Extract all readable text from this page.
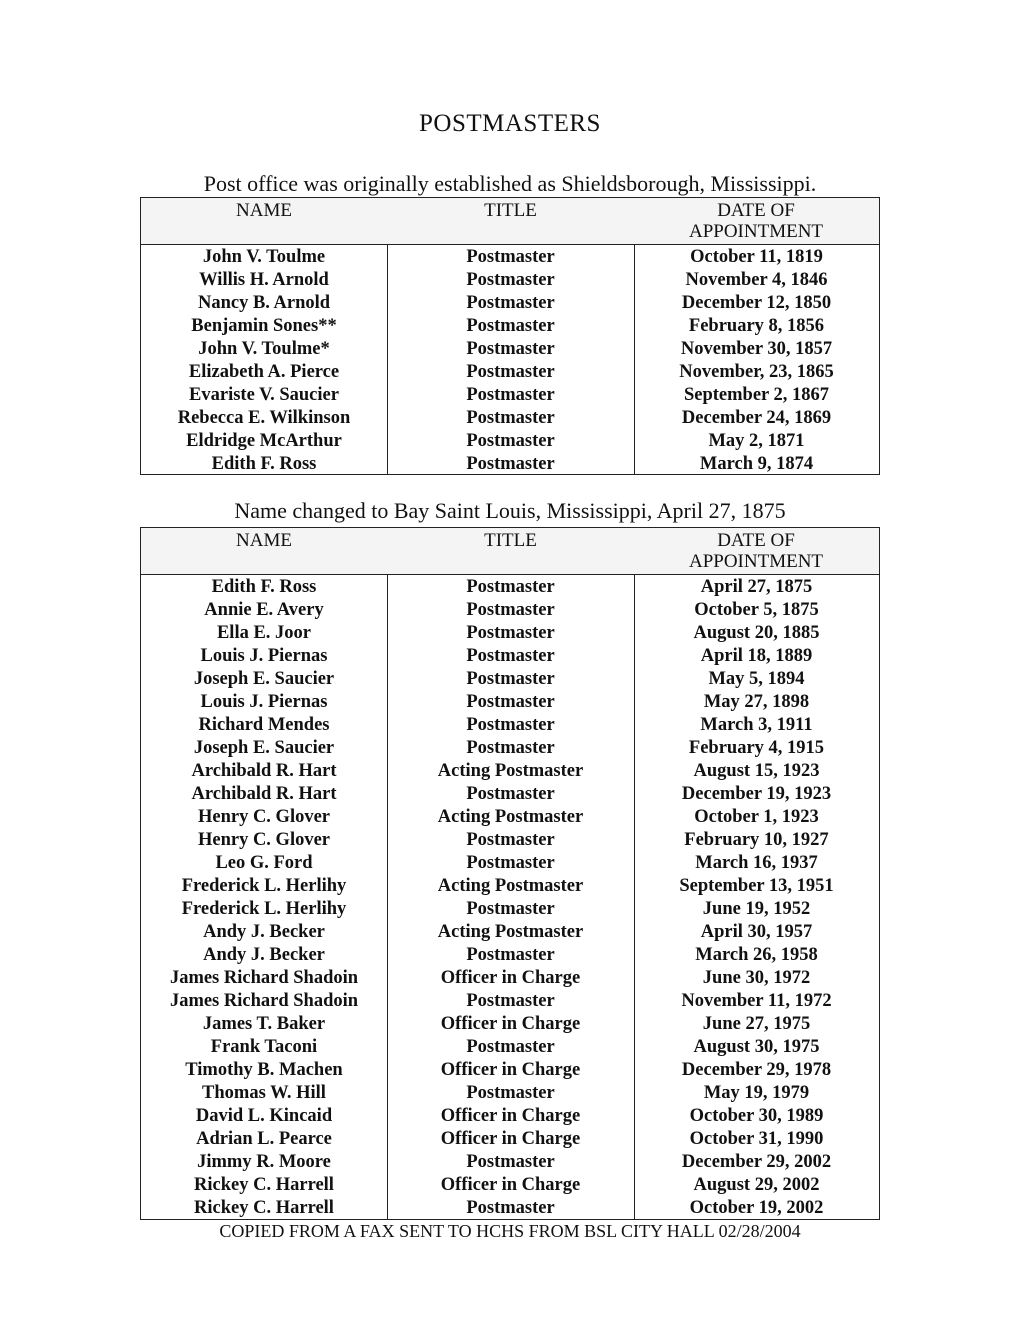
POSTMASTERS
Post office was originally established as Shieldsborough, Mississippi.
NAME	TITLE	DATE OF APPOINTMENT
John V. Toulme	Postmaster	October 11, 1819
Willis H. Arnold	Postmaster	November 4, 1846
Nancy B. Arnold	Postmaster	December 12, 1850
Benjamin Sones**	Postmaster	February 8, 1856
John V. Toulme*	Postmaster	November 30, 1857
Elizabeth A. Pierce	Postmaster	November, 23, 1865
Evariste V. Saucier	Postmaster	September 2, 1867
Rebecca E. Wilkinson	Postmaster	December 24, 1869
Eldridge McArthur	Postmaster	May 2, 1871
Edith F. Ross	Postmaster	March 9, 1874
Name changed to Bay Saint Louis, Mississippi, April 27, 1875
NAME	TITLE	DATE OF APPOINTMENT
Edith F. Ross	Postmaster	April 27, 1875
Annie E. Avery	Postmaster	October 5, 1875
Ella E. Joor	Postmaster	August 20, 1885
Louis J. Piernas	Postmaster	April 18, 1889
Joseph E. Saucier	Postmaster	May 5, 1894
Louis J. Piernas	Postmaster	May 27, 1898
Richard Mendes	Postmaster	March 3, 1911
Joseph E. Saucier	Postmaster	February 4, 1915
Archibald R. Hart	Acting Postmaster	August 15, 1923
Archibald R. Hart	Postmaster	December 19, 1923
Henry C. Glover	Acting Postmaster	October 1, 1923
Henry C. Glover	Postmaster	February 10, 1927
Leo G. Ford	Postmaster	March 16, 1937
Frederick L. Herlihy	Acting Postmaster	September 13, 1951
Frederick L. Herlihy	Postmaster	June 19, 1952
Andy J. Becker	Acting Postmaster	April 30, 1957
Andy J. Becker	Postmaster	March 26, 1958
James Richard Shadoin	Officer in Charge	June 30, 1972
James Richard Shadoin	Postmaster	November 11, 1972
James T. Baker	Officer in Charge	June 27, 1975
Frank Taconi	Postmaster	August 30, 1975
Timothy B. Machen	Officer in Charge	December 29, 1978
Thomas W. Hill	Postmaster	May 19, 1979
David L. Kincaid	Officer in Charge	October 30, 1989
Adrian L. Pearce	Officer in Charge	October 31, 1990
Jimmy R. Moore	Postmaster	December 29, 2002
Rickey C. Harrell	Officer in Charge	August 29, 2002
Rickey C. Harrell	Postmaster	October 19, 2002
COPIED FROM A FAX SENT TO HCHS FROM BSL CITY HALL 02/28/2004
